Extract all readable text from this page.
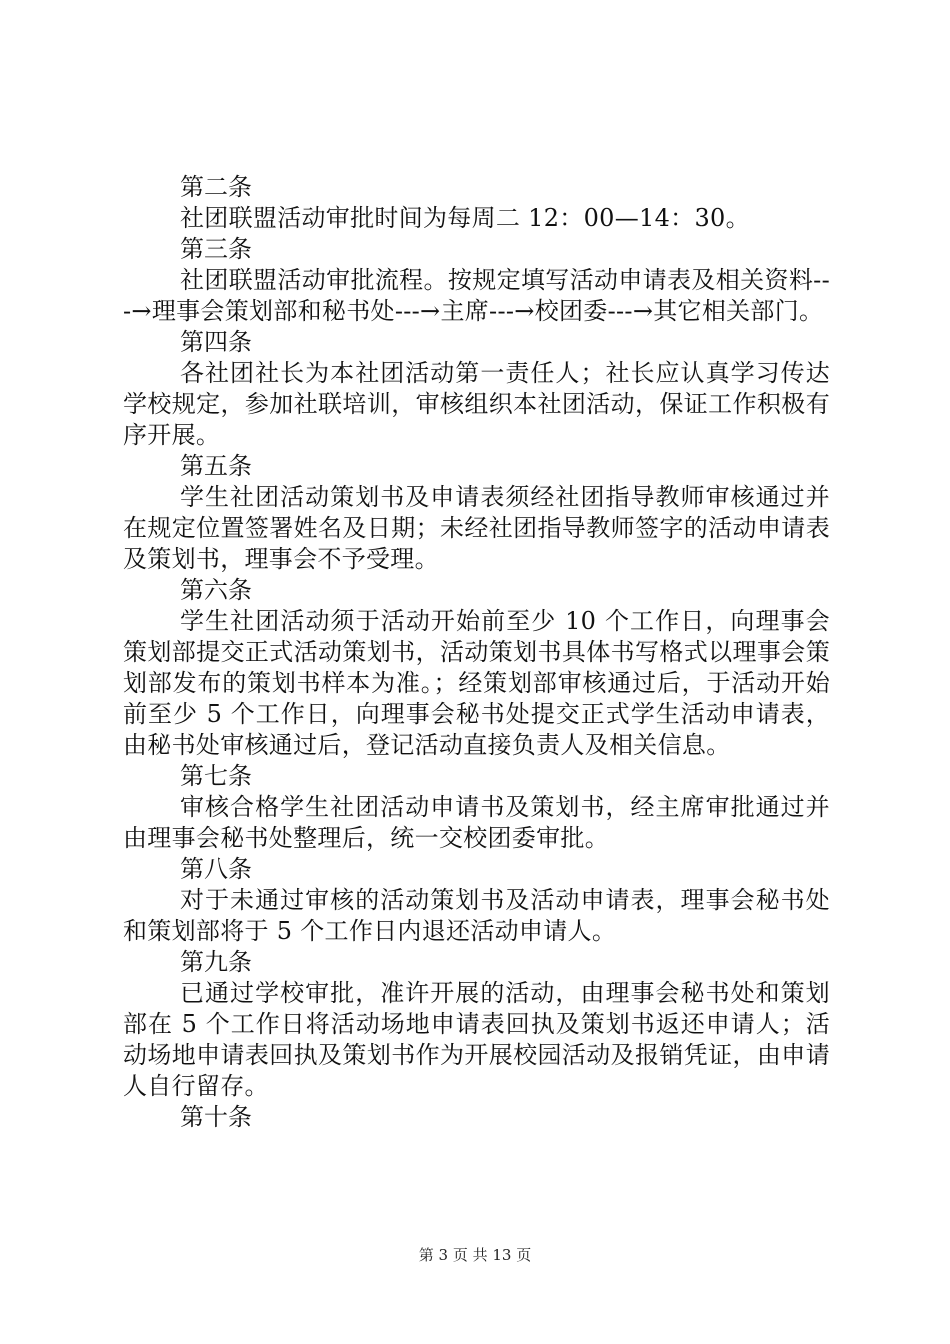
第二条

社团联盟活动审批时间为每周二 12：00—14：30。

第三条

社团联盟活动审批流程。按规定填写活动申请表及相关资料---→理事会策划部和秘书处---→主席---→校团委---→其它相关部门。

第四条

各社团社长为本社团活动第一责任人；社长应认真学习传达学校规定，参加社联培训，审核组织本社团活动，保证工作积极有序开展。

第五条

学生社团活动策划书及申请表须经社团指导教师审核通过并在规定位置签署姓名及日期；未经社团指导教师签字的活动申请表及策划书，理事会不予受理。

第六条

学生社团活动须于活动开始前至少 10 个工作日，向理事会策划部提交正式活动策划书，活动策划书具体书写格式以理事会策划部发布的策划书样本为准。；经策划部审核通过后，于活动开始前至少 5 个工作日，向理事会秘书处提交正式学生活动申请表，由秘书处审核通过后，登记活动直接负责人及相关信息。

第七条

审核合格学生社团活动申请书及策划书，经主席审批通过并由理事会秘书处整理后，统一交校团委审批。

第八条

对于未通过审核的活动策划书及活动申请表，理事会秘书处和策划部将于 5 个工作日内退还活动申请人。

第九条

已通过学校审批，准许开展的活动，由理事会秘书处和策划部在 5 个工作日将活动场地申请表回执及策划书返还申请人；活动场地申请表回执及策划书作为开展校园活动及报销凭证，由申请人自行留存。

第十条

第 3 页 共 13 页
